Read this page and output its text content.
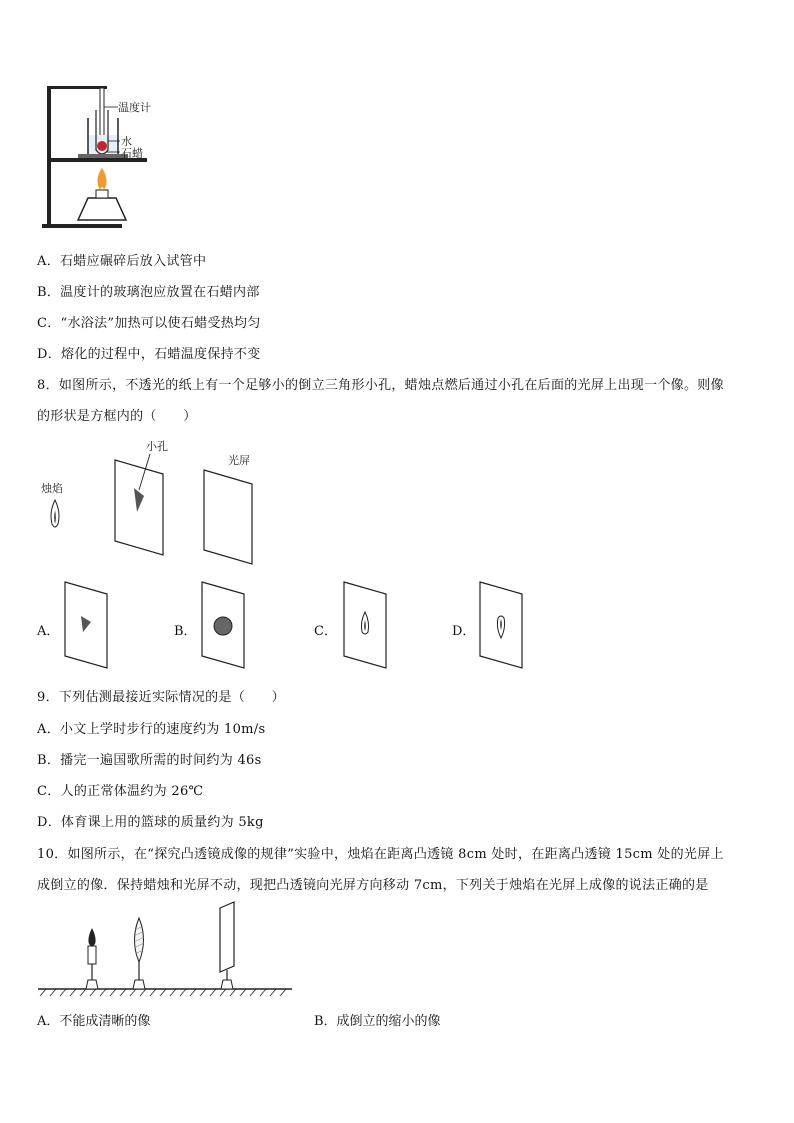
温度计
水
石蜡
A．石蜡应碾碎后放入试管中
B．温度计的玻璃泡应放置在石蜡内部
C．“水浴法”加热可以使石蜡受热均匀
D．熔化的过程中，石蜡温度保持不变
8．如图所示，不透光的纸上有一个足够小的倒立三角形小孔，蜡烛点燃后通过小孔在后面的光屏上出现一个像。则像
的形状是方框内的（　　）
烛焰
小孔
光屏
A．	B．	C．	D．
9．下列估测最接近实际情况的是（　　）
A．小文上学时步行的速度约为 10m/s
B．播完一遍国歌所需的时间约为 46s
C．人的正常体温约为 26℃
D．体育课上用的篮球的质量约为 5kg
10．如图所示，在“探究凸透镜成像的规律”实验中，烛焰在距离凸透镜 8cm 处时，在距离凸透镜 15cm 处的光屏上
成倒立的像．保持蜡烛和光屏不动，现把凸透镜向光屏方向移动 7cm，下列关于烛焰在光屏上成像的说法正确的是
A．不能成清晰的像	B．成倒立的缩小的像
